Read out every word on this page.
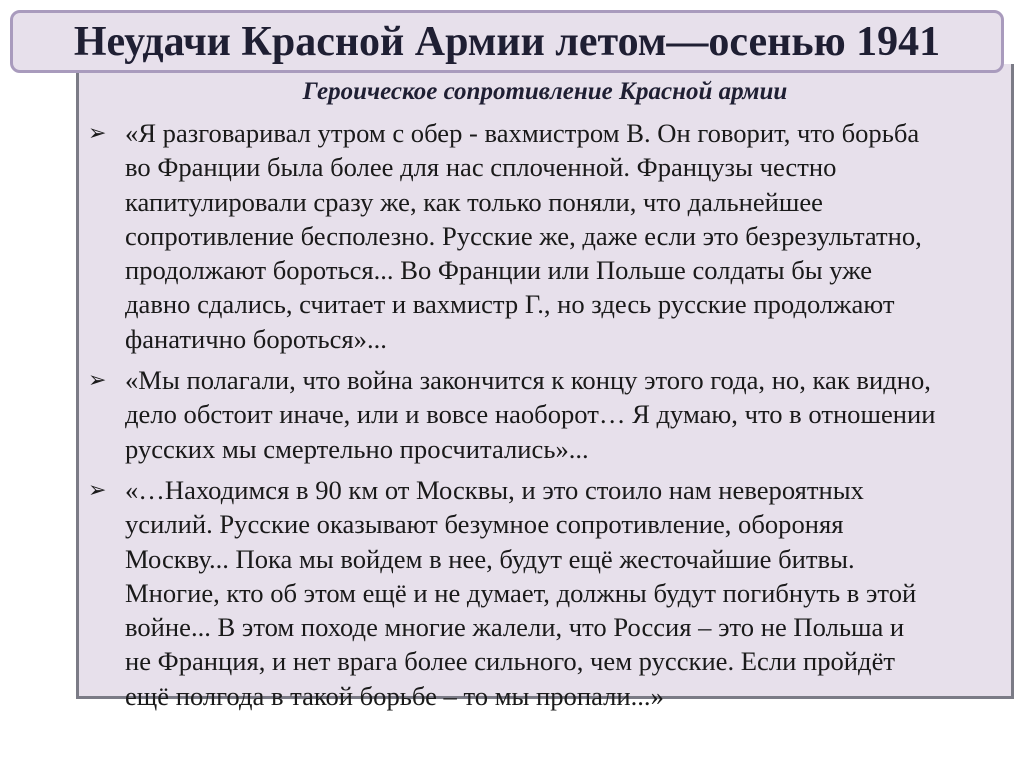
Неудачи Красной Армии летом—осенью 1941
Героическое сопротивление Красной армии
➢ «Я разговаривал утром с обер - вахмистром В. Он говорит, что борьба
во Франции была более для нас сплоченной. Французы честно
капитулировали сразу же, как только поняли, что дальнейшее
сопротивление бесполезно. Русские же, даже если это безрезультатно,
продолжают бороться... Во Франции или Польше солдаты бы уже
давно сдались, считает и вахмистр Г., но здесь русские продолжают
фанатично бороться»...
➢ «Мы полагали, что война закончится к концу этого года, но, как видно,
дело обстоит иначе, или и вовсе наоборот… Я думаю, что в отношении
русских мы смертельно просчитались»...
➢ «…Находимся в 90 км от Москвы, и это стоило нам невероятных
усилий. Русские оказывают безумное сопротивление, обороняя
Москву... Пока мы войдем в нее, будут ещё жесточайшие битвы.
Многие, кто об этом ещё и не думает, должны будут погибнуть в этой
войне... В этом походе многие жалели, что Россия – это не Польша и
не Франция, и нет врага более сильного, чем русские. Если пройдёт
ещё полгода в такой борьбе – то мы пропали...»
